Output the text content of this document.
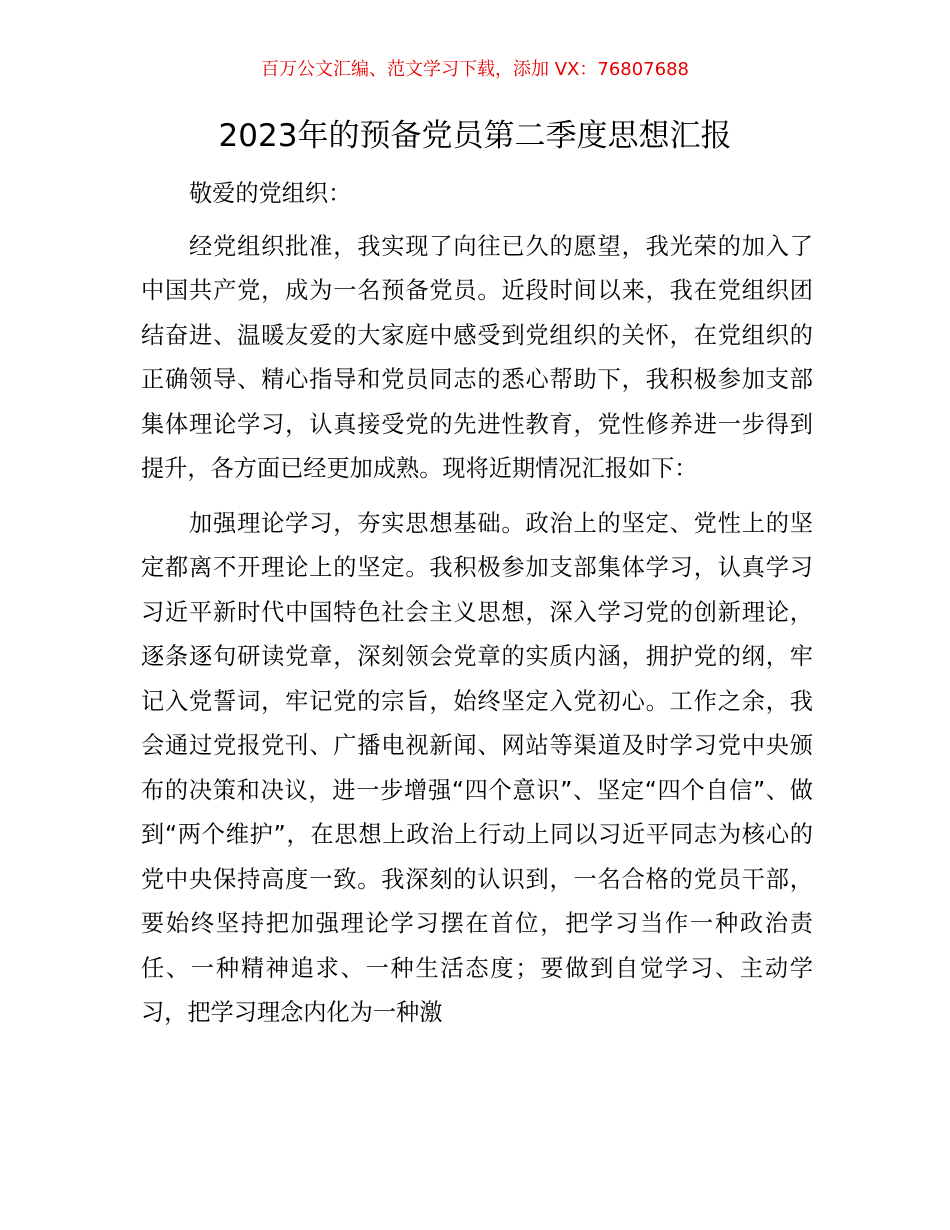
百万公文汇编、范文学习下载，添加 VX：76807688
2023年的预备党员第二季度思想汇报

敬爱的党组织：

经党组织批准，我实现了向往已久的愿望，我光荣的加入了中国共产党，成为一名预备党员。近段时间以来，我在党组织团结奋进、温暖友爱的大家庭中感受到党组织的关怀，在党组织的正确领导、精心指导和党员同志的悉心帮助下，我积极参加支部集体理论学习，认真接受党的先进性教育，党性修养进一步得到提升，各方面已经更加成熟。现将近期情况汇报如下：

加强理论学习，夯实思想基础。政治上的坚定、党性上的坚定都离不开理论上的坚定。我积极参加支部集体学习，认真学习习近平新时代中国特色社会主义思想，深入学习党的创新理论，逐条逐句研读党章，深刻领会党章的实质内涵，拥护党的纲，牢记入党誓词，牢记党的宗旨，始终坚定入党初心。工作之余，我会通过党报党刊、广播电视新闻、网站等渠道及时学习党中央颁布的决策和决议，进一步增强“四个意识”、坚定“四个自信”、做到“两个维护”，在思想上政治上行动上同以习近平同志为核心的党中央保持高度一致。我深刻的认识到，一名合格的党员干部，要始终坚持把加强理论学习摆在首位，把学习当作一种政治责任、一种精神追求、一种生活态度；要做到自觉学习、主动学习，把学习理念内化为一种激
